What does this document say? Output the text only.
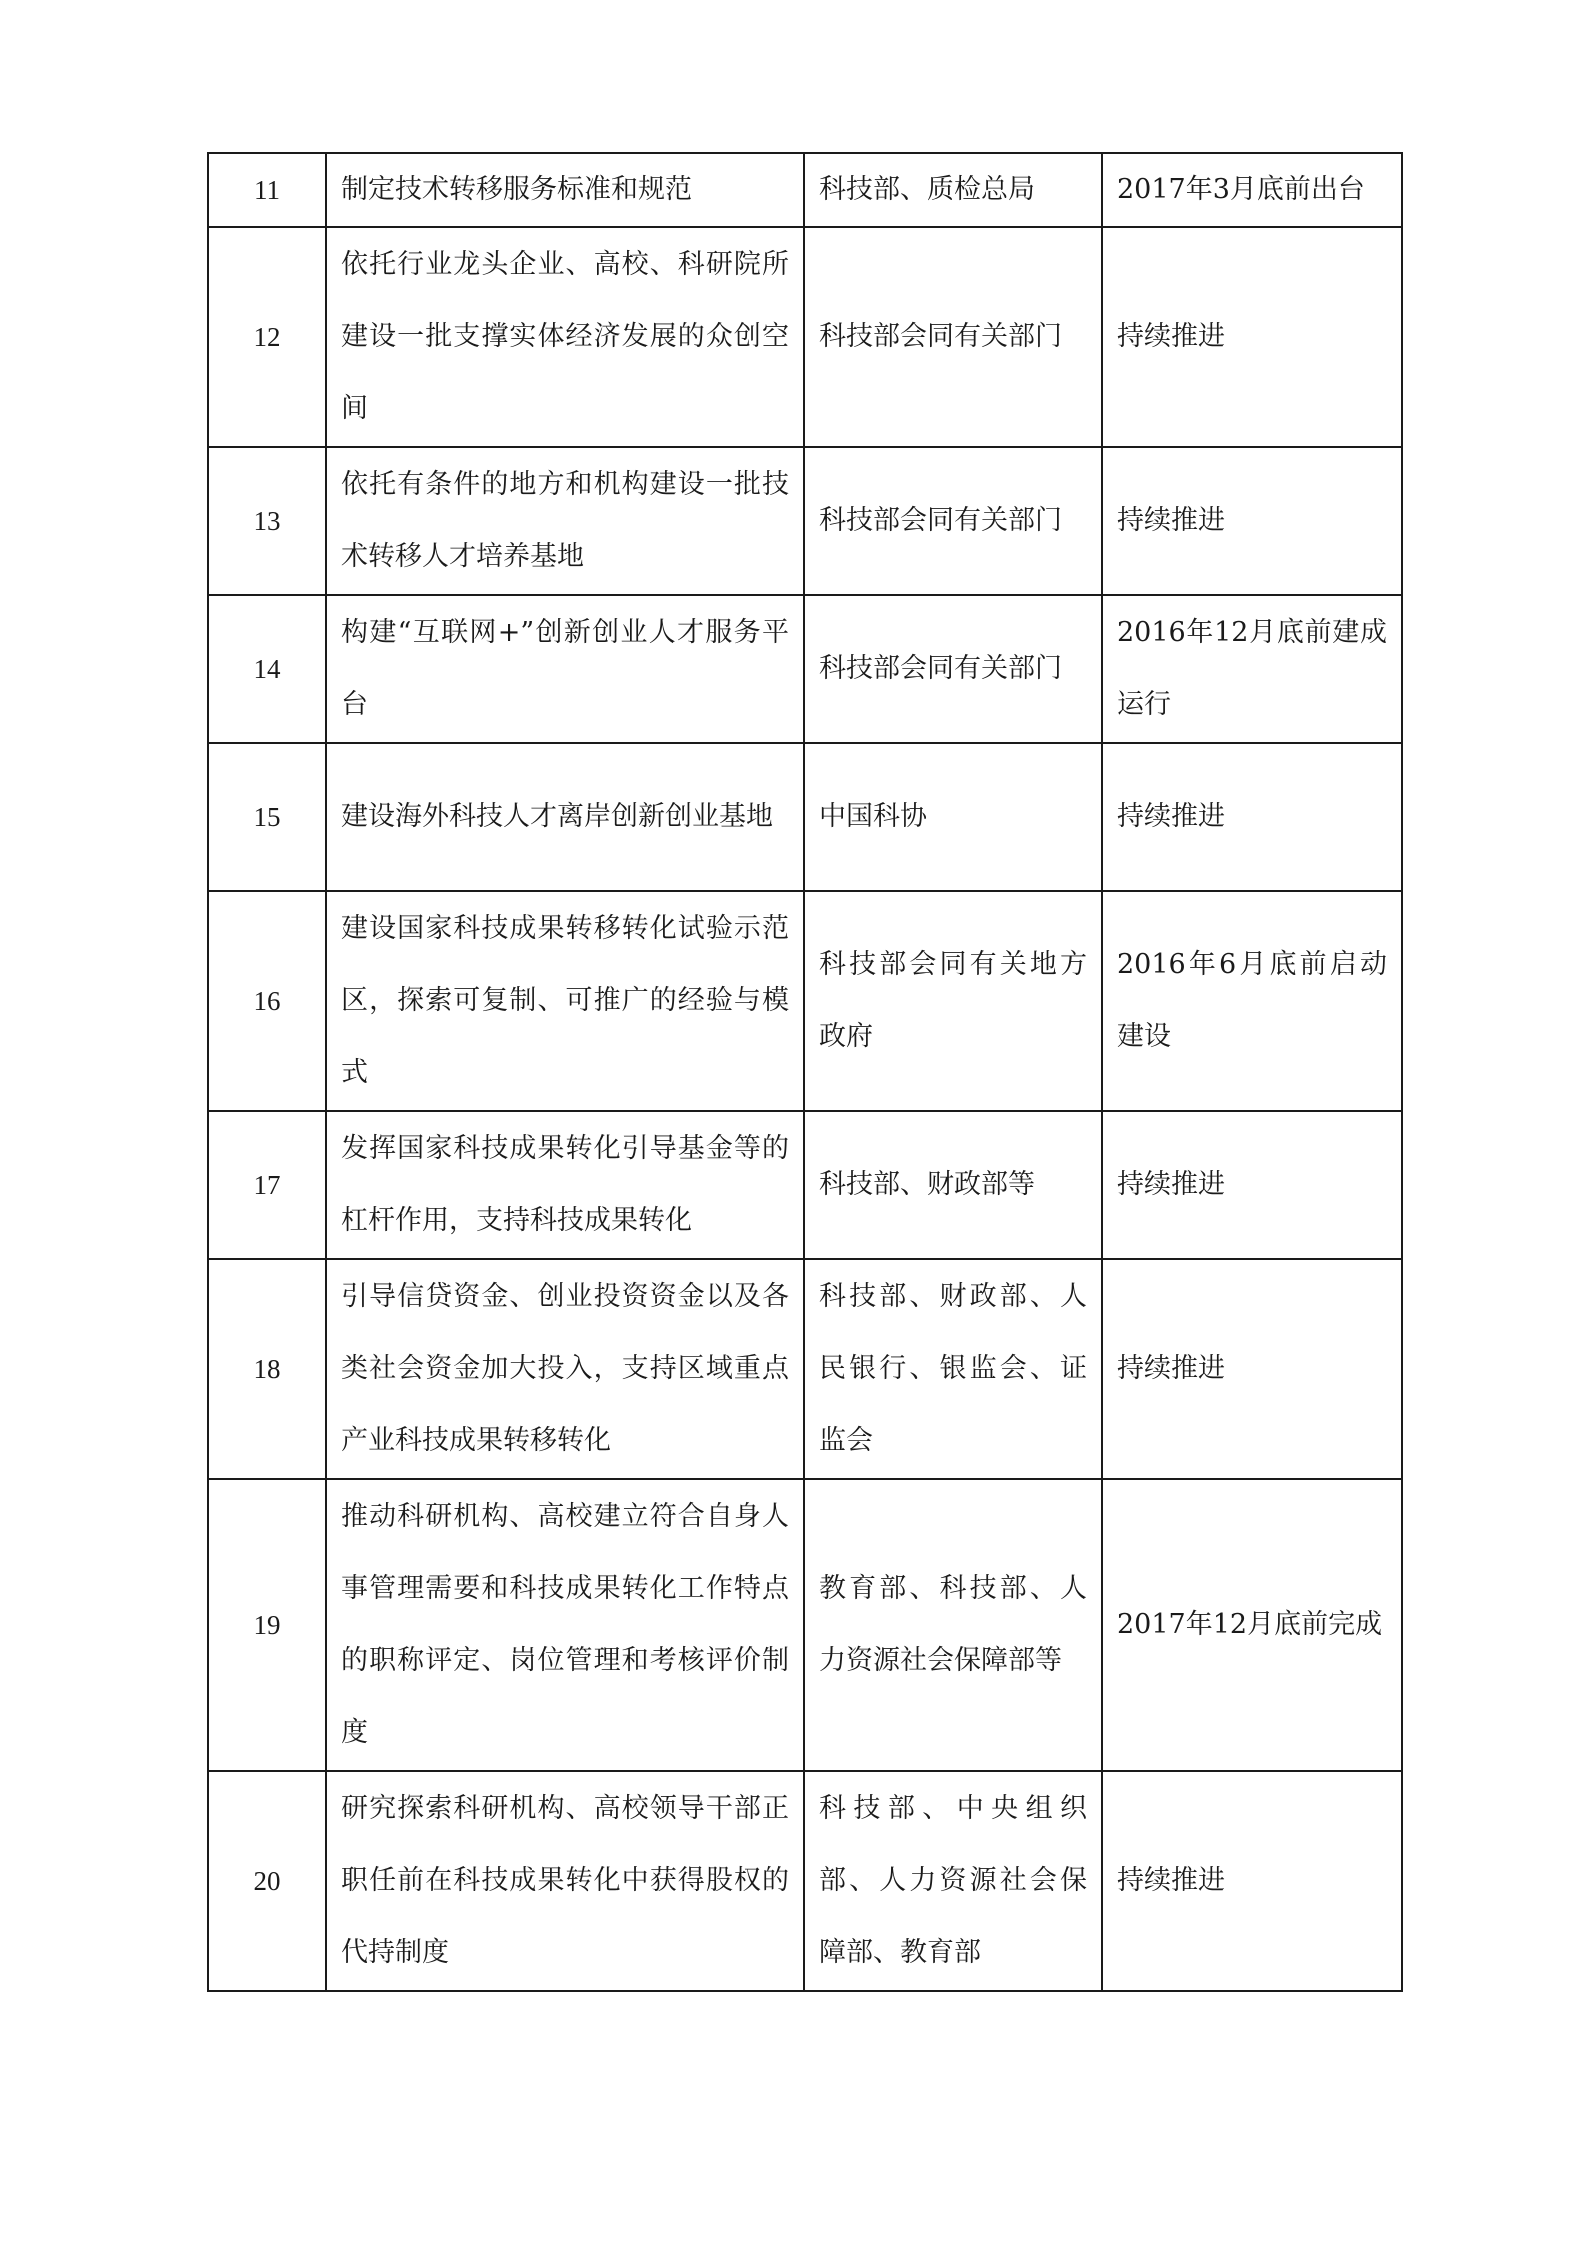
11	制定技术转移服务标准和规范	科技部、质检总局	2017年3月底前出台
12	依托行业龙头企业、高校、科研院所建设一批支撑实体经济发展的众创空间	科技部会同有关部门	持续推进
13	依托有条件的地方和机构建设一批技术转移人才培养基地	科技部会同有关部门	持续推进
14	构建“互联网+”创新创业人才服务平台	科技部会同有关部门	2016年12月底前建成运行
15	建设海外科技人才离岸创新创业基地	中国科协	持续推进
16	建设国家科技成果转移转化试验示范区，探索可复制、可推广的经验与模式	科技部会同有关地方政府	2016年6月底前启动建设
17	发挥国家科技成果转化引导基金等的杠杆作用，支持科技成果转化	科技部、财政部等	持续推进
18	引导信贷资金、创业投资资金以及各类社会资金加大投入，支持区域重点产业科技成果转移转化	科技部、财政部、人民银行、银监会、证监会	持续推进
19	推动科研机构、高校建立符合自身人事管理需要和科技成果转化工作特点的职称评定、岗位管理和考核评价制度	教育部、科技部、人力资源社会保障部等	2017年12月底前完成
20	研究探索科研机构、高校领导干部正职任前在科技成果转化中获得股权的代持制度	科技部、中央组织部、人力资源社会保障部、教育部	持续推进
